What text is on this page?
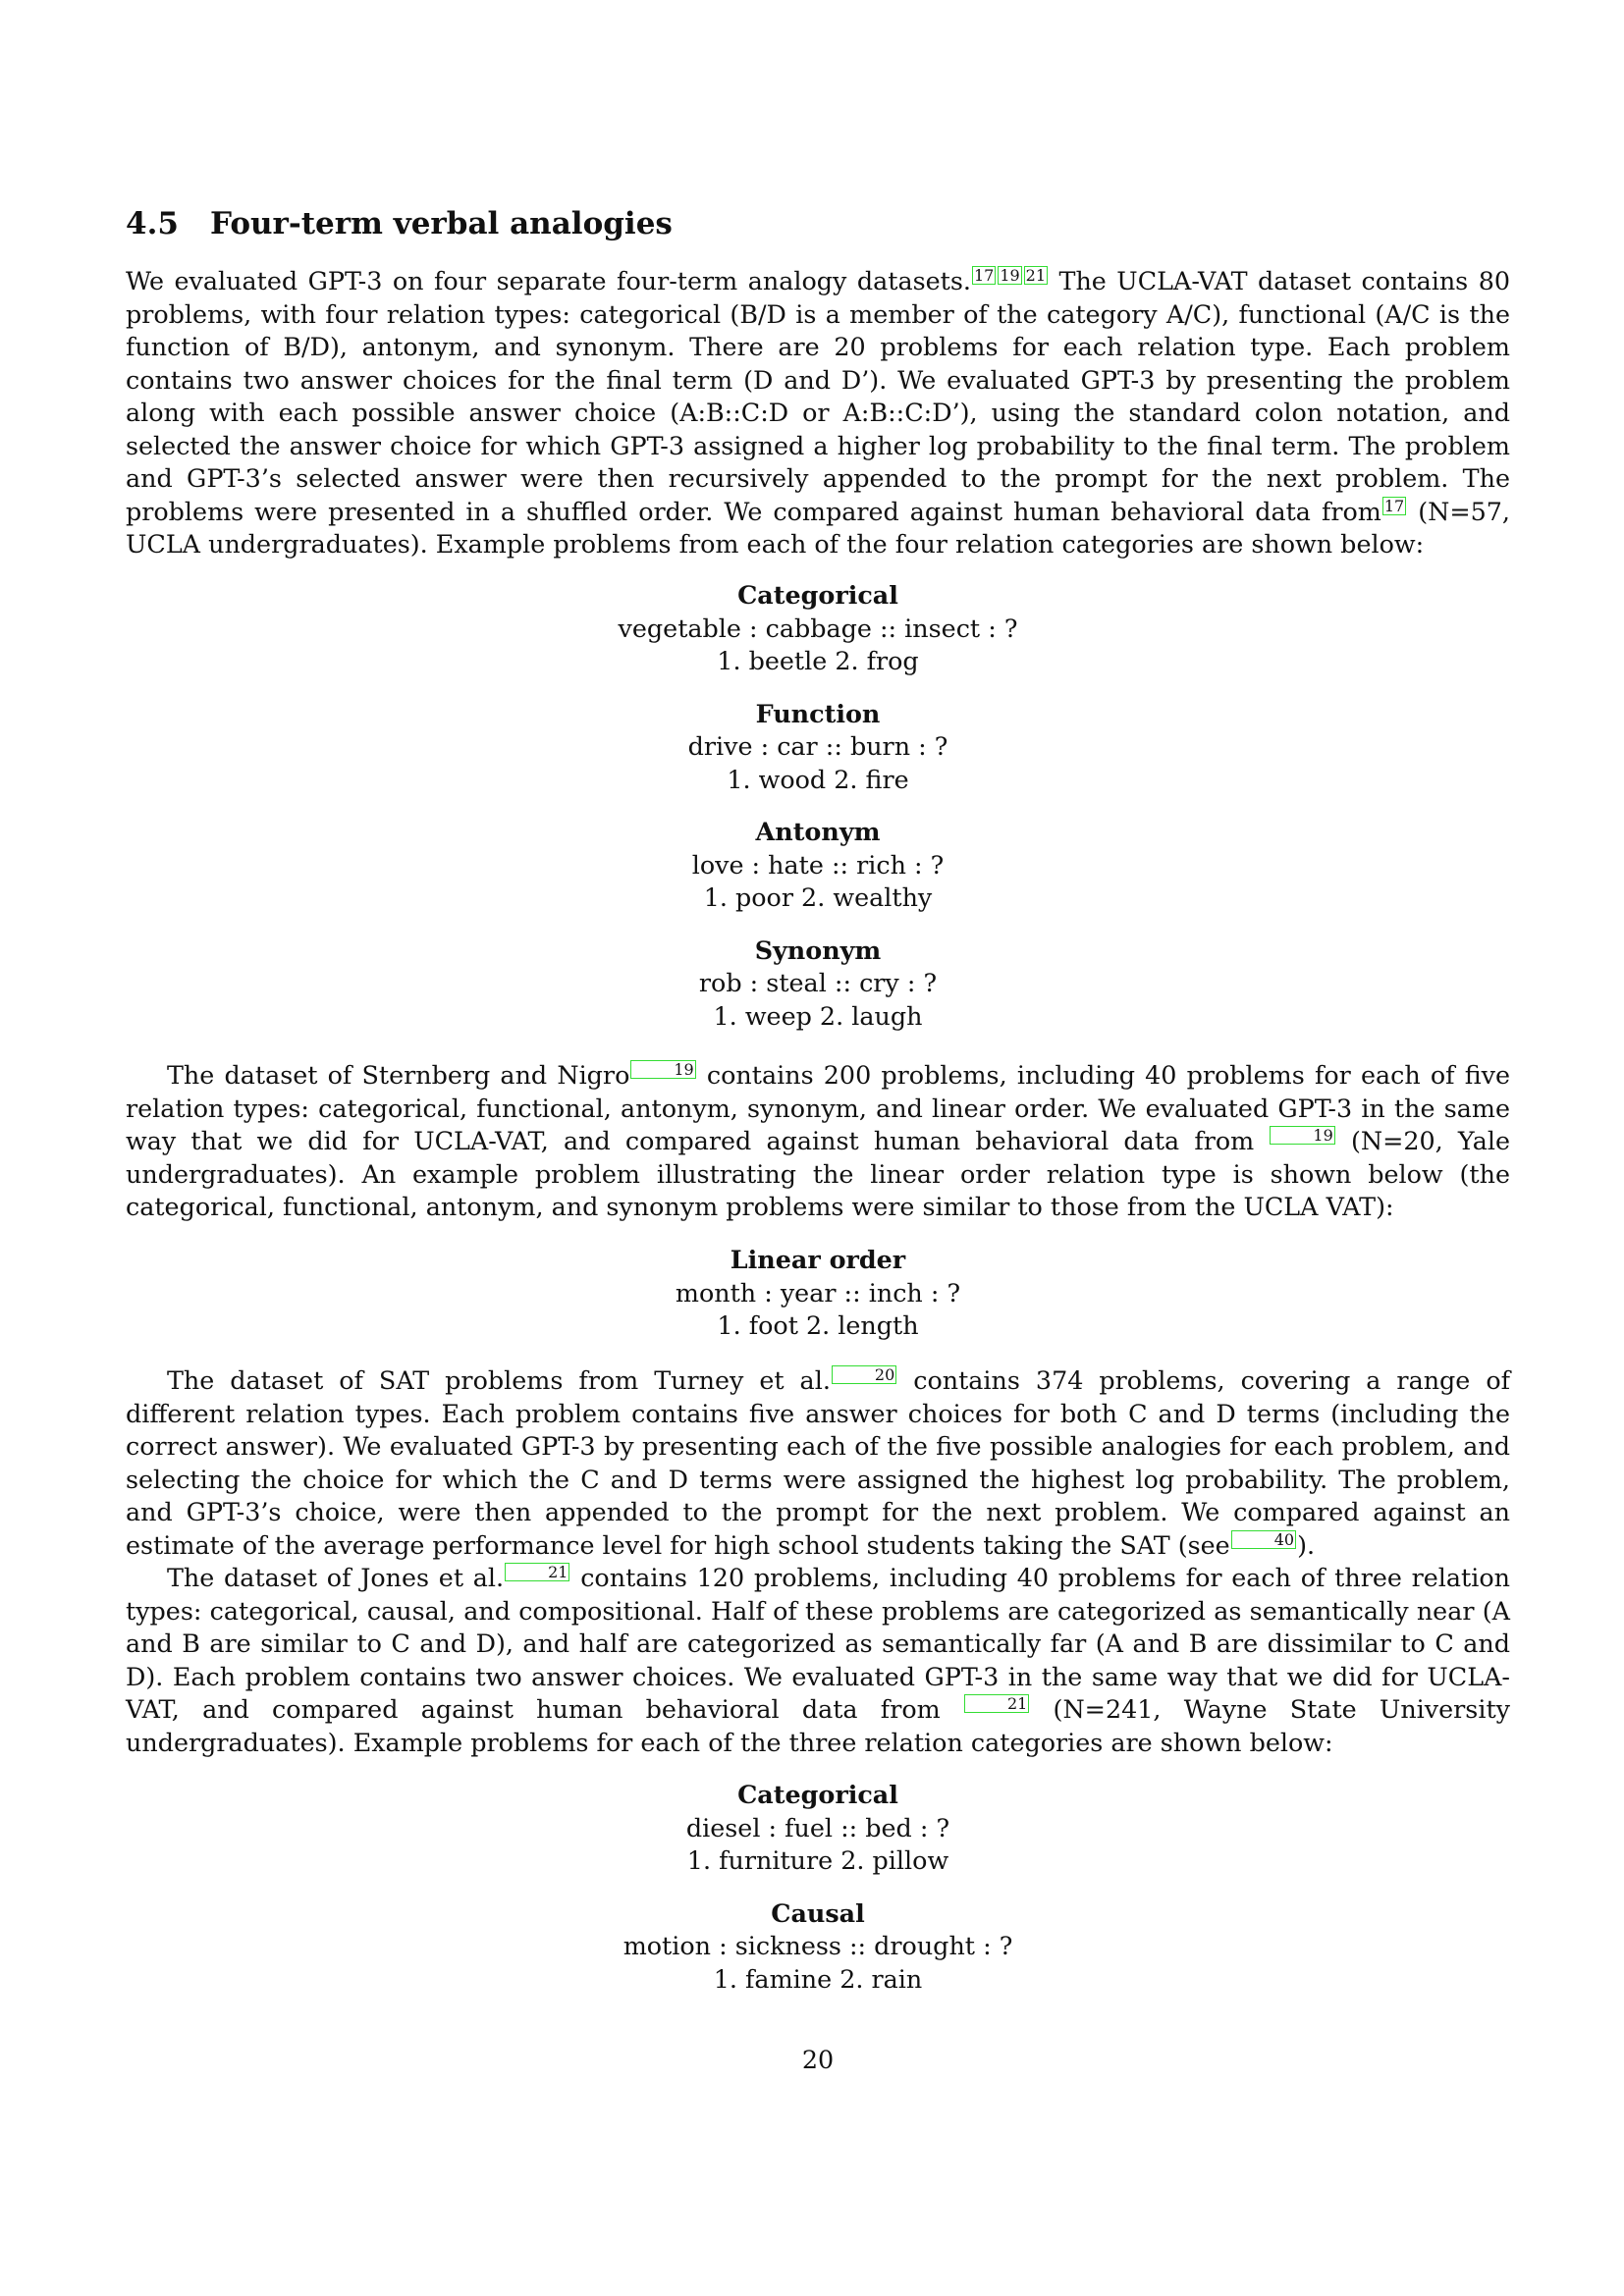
4.5 Four-term verbal analogies

We evaluated GPT-3 on four separate four-term analogy datasets. 17 19 21 The UCLA-VAT dataset contains 80 problems, with four relation types: categorical (B/D is a member of the category A/C), functional (A/C is the function of B/D), antonym, and synonym. There are 20 problems for each relation type. Each problem contains two answer choices for the final term (D and D’). We evaluated GPT-3 by presenting the problem along with each possible answer choice (A:B::C:D or A:B::C:D’), using the standard colon notation, and selected the answer choice for which GPT-3 assigned a higher log probability to the final term. The problem and GPT-3’s selected answer were then recursively appended to the prompt for the next problem. The problems were presented in a shuffled order. We compared against human behavioral data from 17 (N=57, UCLA undergraduates). Example problems from each of the four relation categories are shown below:

Categorical
vegetable : cabbage :: insect : ?
1. beetle 2. frog
Function
drive : car :: burn : ?
1. wood 2. fire
Antonym
love : hate :: rich : ?
1. poor 2. wealthy
Synonym
rob : steal :: cry : ?
1. weep 2. laugh

The dataset of Sternberg and Nigro	19 contains 200 problems, including 40 problems for each of five relation types: categorical, functional, antonym, synonym, and linear order. We evaluated GPT-3 in the same way that we did for UCLA-VAT, and compared against human behavioral data from	19 (N=20, Yale undergraduates). An example problem illustrating the linear order relation type is shown below (the categorical, functional, antonym, and synonym problems were similar to those from the UCLA VAT):

Linear order
month : year :: inch : ?
1. foot 2. length

The dataset of SAT problems from Turney et al.	20 contains 374 problems, covering a range of different relation types. Each problem contains five answer choices for both C and D terms (including the correct answer). We evaluated GPT-3 by presenting each of the five possible analogies for each problem, and selecting the choice for which the C and D terms were assigned the highest log probability. The problem, and GPT-3’s choice, were then appended to the prompt for the next problem. We compared against an estimate of the average performance level for high school students taking the SAT (see	40 ).

The dataset of Jones et al.	21 contains 120 problems, including 40 problems for each of three relation types: categorical, causal, and compositional. Half of these problems are categorized as semantically near (A and B are similar to C and D), and half are categorized as semantically far (A and B are dissimilar to C and D). Each problem contains two answer choices. We evaluated GPT-3 in the same way that we did for UCLA-VAT, and compared against human behavioral data from	21 (N=241, Wayne State University undergraduates). Example problems for each of the three relation categories are shown below:

Categorical
diesel : fuel :: bed : ?
1. furniture 2. pillow
Causal
motion : sickness :: drought : ?
1. famine 2. rain
20
